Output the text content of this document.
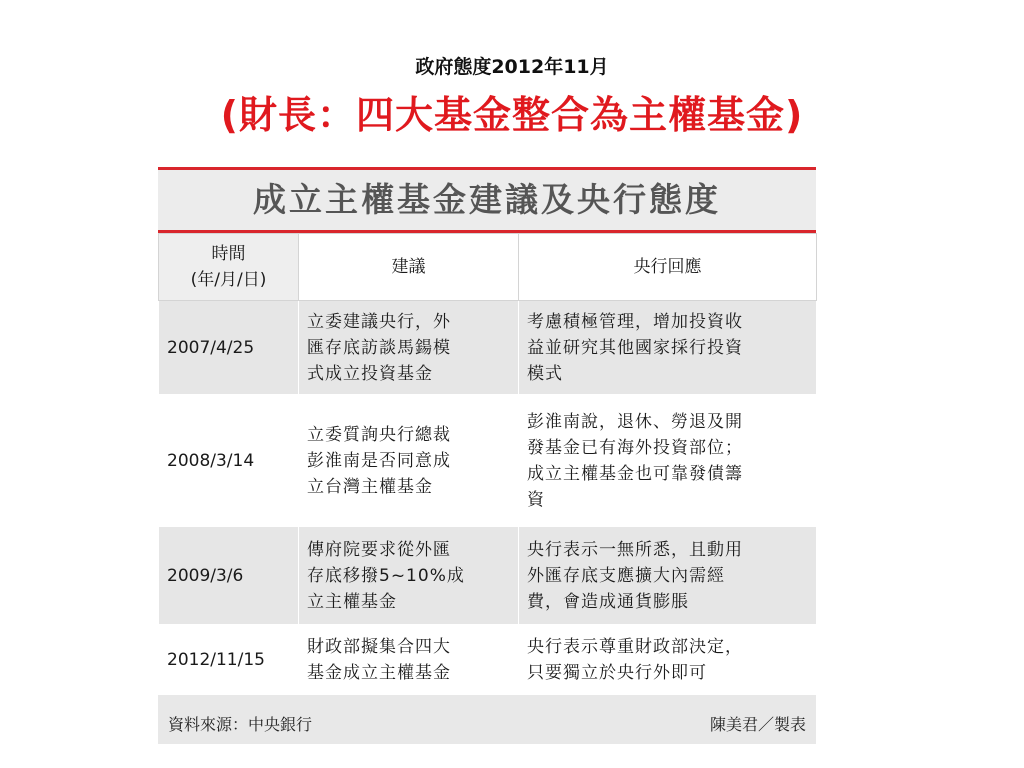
政府態度2012年11月
(財長：四大基金整合為主權基金)
成立主權基金建議及央行態度
時間
(年/月/日)	建議	央行回應
2007/4/25	立委建議央行，外
匯存底訪談馬鍚模
式成立投資基金	考慮積極管理，增加投資收
益並研究其他國家採行投資
模式

2008/3/14	立委質詢央行總裁
彭淮南是否同意成
立台灣主權基金	彭淮南說，退休、勞退及開
發基金已有海外投資部位；
成立主權基金也可靠發債籌
資

2009/3/6	傳府院要求從外匯
存底移撥5~10%成
立主權基金	央行表示一無所悉，且動用
外匯存底支應擴大內需經
費，會造成通貨膨脹

2012/11/15	財政部擬集合四大
基金成立主權基金	央行表示尊重財政部決定，
只要獨立於央行外即可
資料來源：中央銀行	陳美君／製表
